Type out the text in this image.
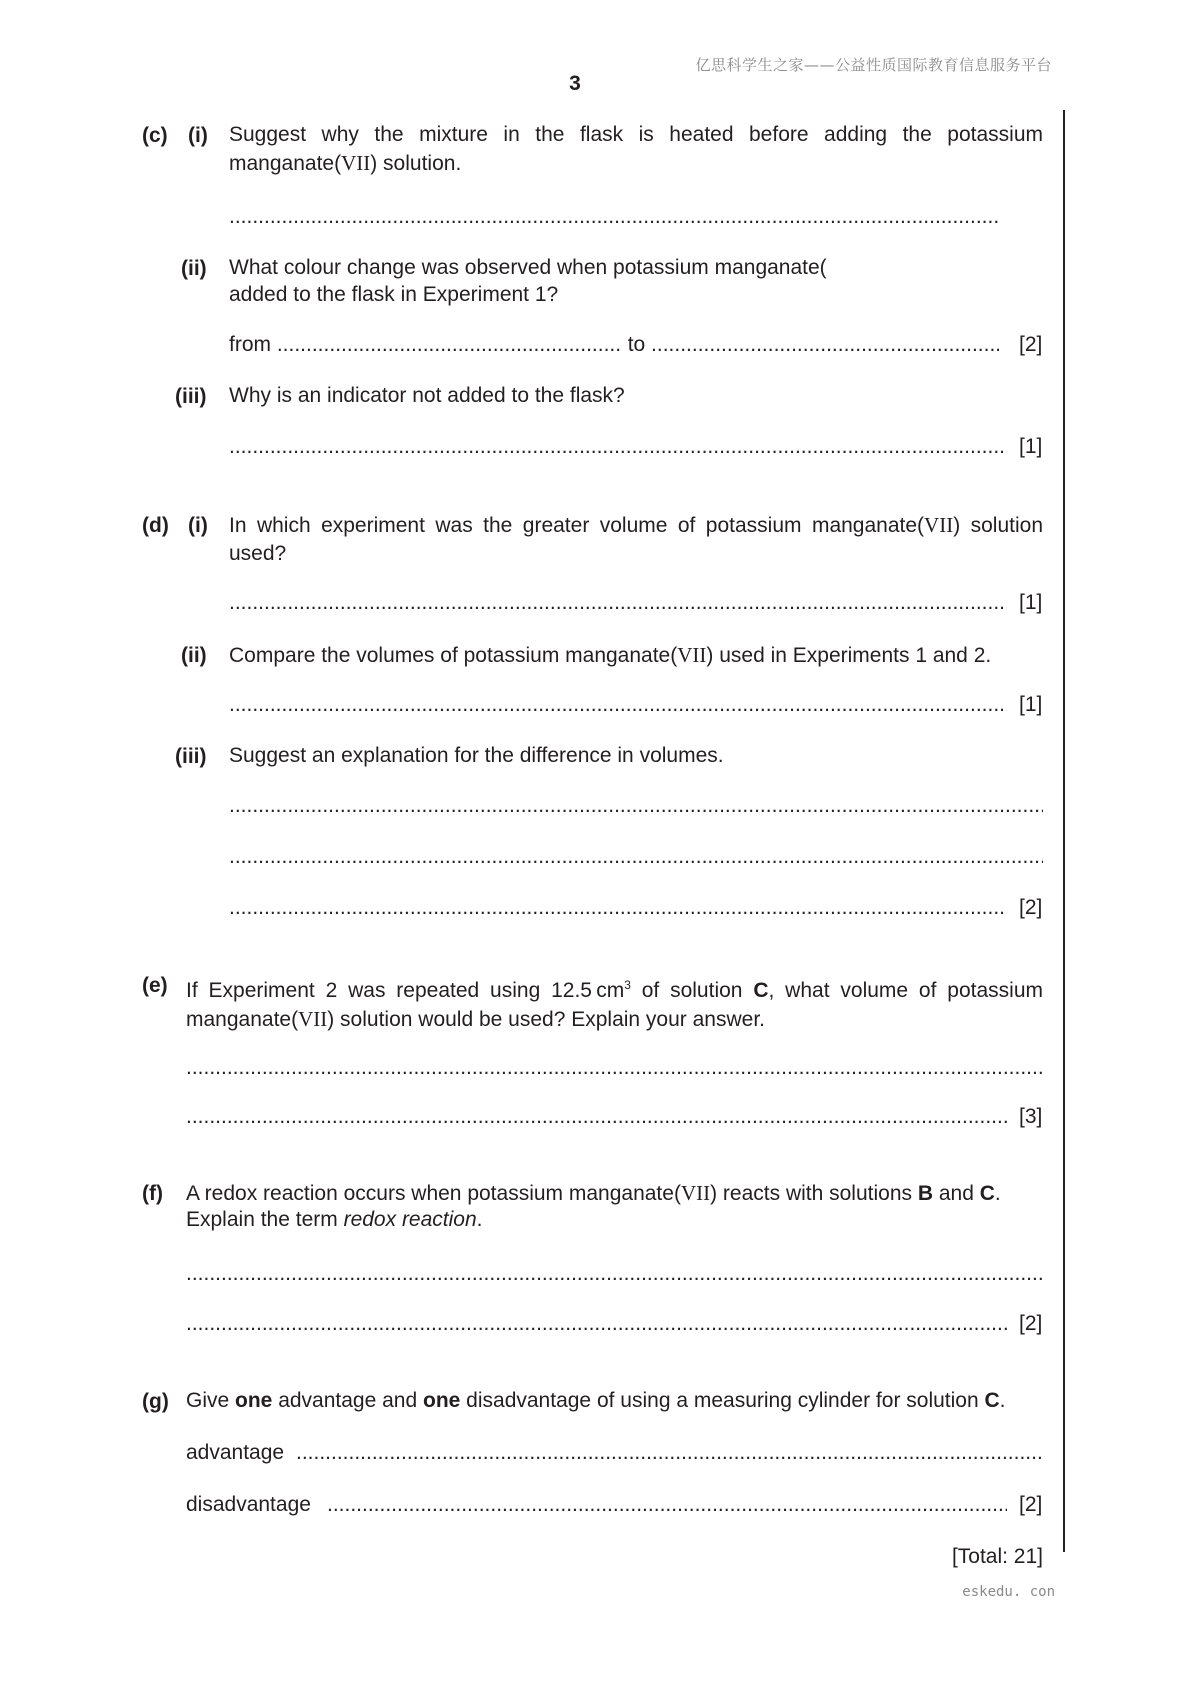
亿思科学生之家——公益性质国际教育信息服务平台
3
(c) (i) Suggest why the mixture in the flask is heated before adding the potassium manganate(VII) solution.
.....
(ii) What colour change was observed when potassium manganate(
added to the flask in Experiment 1?
from .....	to .....	[2]
(iii) Why is an indicator not added to the flask?
.....
[1]
(d) (i) In which experiment was the greater volume of potassium manganate(VII) solution used?
.....
[1]
(ii) Compare the volumes of potassium manganate(VII) used in Experiments 1 and 2.
.....
[1]
(iii) Suggest an explanation for the difference in volumes.
.....
.....
.....
[2]
(e) If Experiment 2 was repeated using 12.5  $cm^3$ of solution C, what volume of potassium manganate(VII) solution would be used? Explain your answer.
.....
.....
[3]
(f) A redox reaction occurs when potassium manganate(VII) reacts with solutions B and C.
Explain the term redox reaction.
.....
.....
[2]
(g) Give one advantage and one disadvantage of using a measuring cylinder for solution C.
advantage
.....
disadvantage .....	[2]
[Total: 21]
eskedu. con
